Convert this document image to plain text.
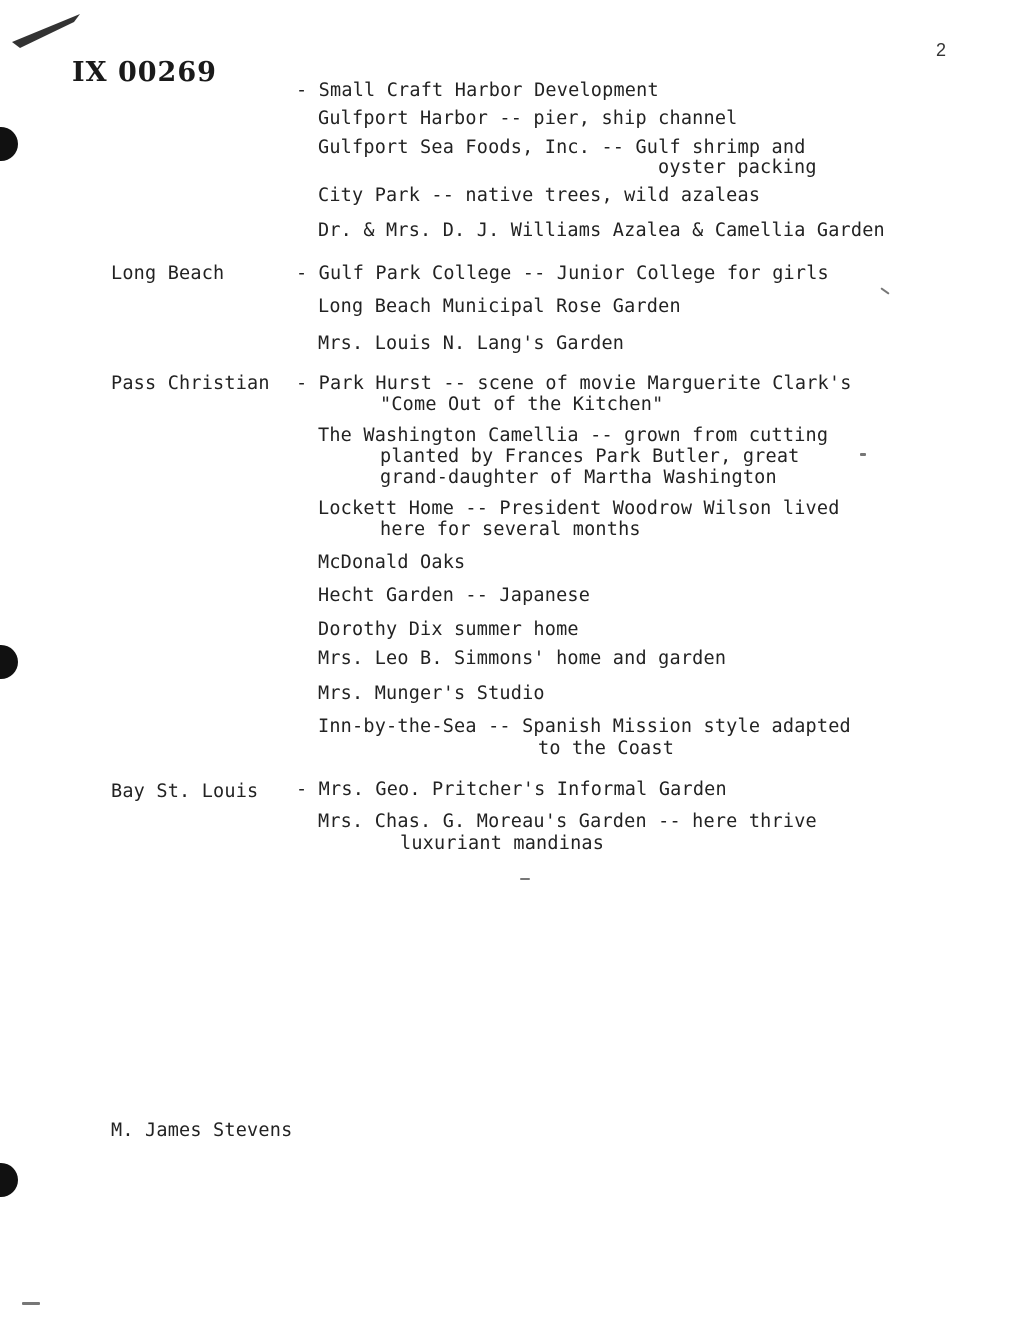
IX 00269
2
- Small Craft Harbor Development
Gulfport Harbor -- pier, ship channel
Gulfport Sea Foods, Inc. -- Gulf shrimp and
oyster packing
City Park -- native trees, wild azaleas
Dr. & Mrs. D. J. Williams Azalea & Camellia Garden
Long Beach	- Gulf Park College -- Junior College for girls
Long Beach Municipal Rose Garden
Mrs. Louis N. Lang's Garden
Pass Christian - Park Hurst -- scene of movie Marguerite Clark's
"Come Out of the Kitchen"
The Washington Camellia -- grown from cutting
planted by Frances Park Butler, great
grand-daughter of Martha Washington
Lockett Home -- President Woodrow Wilson lived
here for several months
McDonald Oaks
Hecht Garden -- Japanese
Dorothy Dix summer home
Mrs. Leo B. Simmons' home and garden
Mrs. Munger's Studio
Inn-by-the-Sea -- Spanish Mission style adapted
to the Coast
Bay St. Louis - Mrs. Geo. Pritcher's Informal Garden
Mrs. Chas. G. Moreau's Garden -- here thrive
luxuriant mandinas
M. James Stevens
